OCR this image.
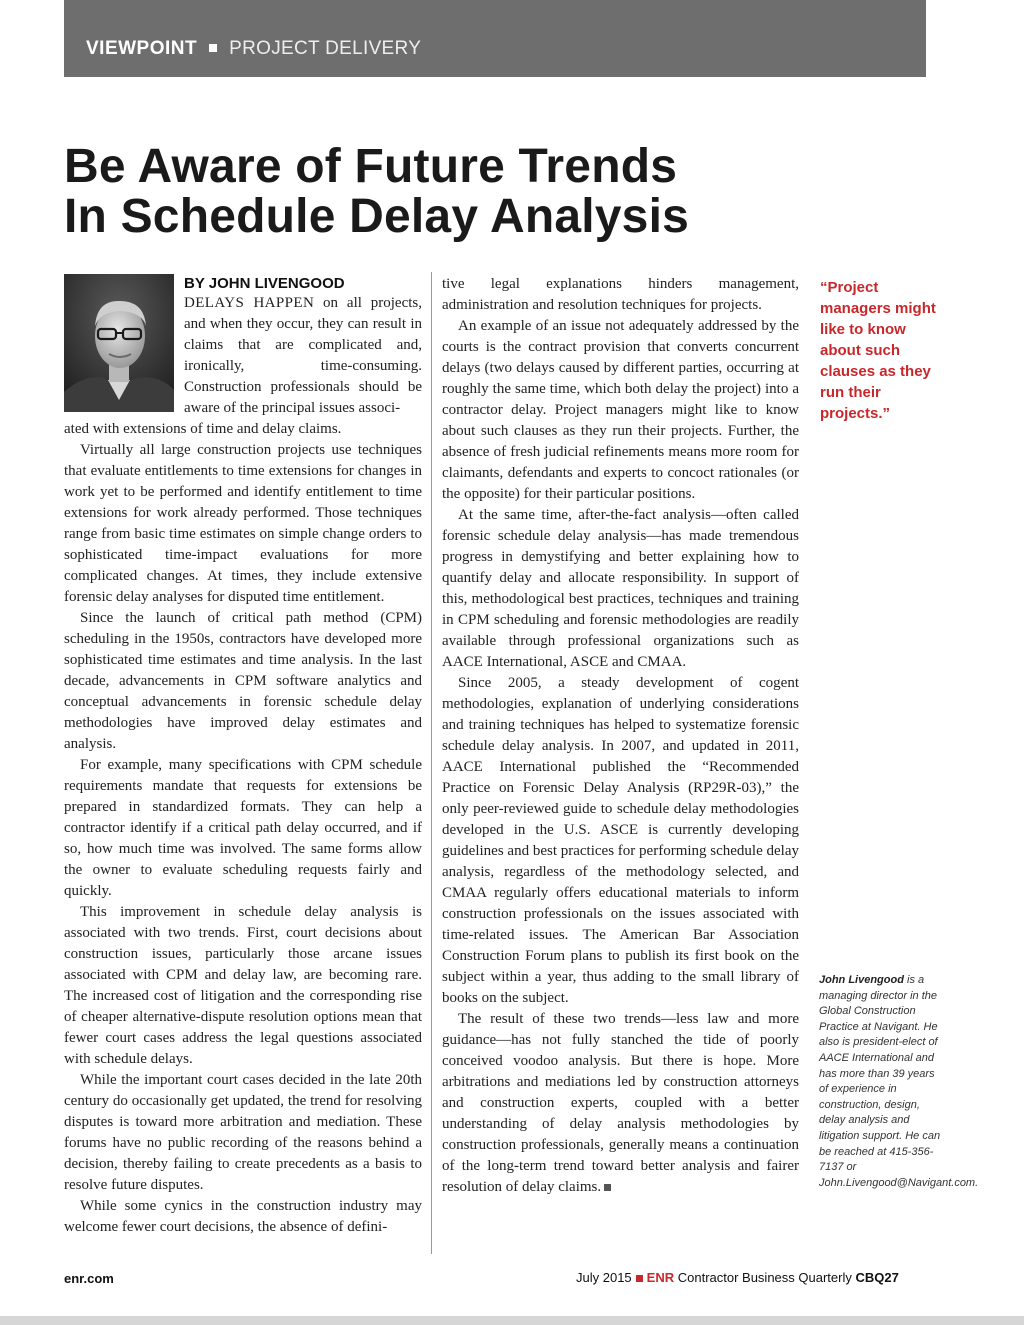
VIEWPOINT PROJECT DELIVERY
Be Aware of Future Trends
In Schedule Delay Analysis
BY JOHN LIVENGOOD

DELAYS HAPPEN on all projects, and when they occur, they can result in claims that are complicated and, ironically, time-consuming. Construction professionals should be aware of the principal issues associ-

ated with extensions of time and delay claims.

Virtually all large construction projects use techniques that evaluate entitlements to time extensions for changes in work yet to be performed and identify entitlement to time extensions for work already performed. Those techniques range from basic time estimates on simple change orders to sophisticated time-impact evaluations for more complicated changes. At times, they include extensive forensic delay analyses for disputed time entitlement.

Since the launch of critical path method (CPM) scheduling in the 1950s, contractors have developed more sophisticated time estimates and time analysis. In the last decade, advancements in CPM software analytics and conceptual advancements in forensic schedule delay methodologies have improved delay estimates and analysis.

For example, many specifications with CPM schedule requirements mandate that requests for extensions be prepared in standardized formats. They can help a contractor identify if a critical path delay occurred, and if so, how much time was involved. The same forms allow the owner to evaluate scheduling requests fairly and quickly.

This improvement in schedule delay analysis is associated with two trends. First, court decisions about construction issues, particularly those arcane issues associated with CPM and delay law, are becoming rare. The increased cost of litigation and the corresponding rise of cheaper alternative-dispute resolution options mean that fewer court cases address the legal questions associated with schedule delays.

While the important court cases decided in the late 20th century do occasionally get updated, the trend for resolving disputes is toward more arbitration and mediation. These forums have no public recording of the reasons behind a decision, thereby failing to create precedents as a basis to resolve future disputes.

While some cynics in the construction industry may welcome fewer court decisions, the absence of defini-

tive legal explanations hinders management, administration and resolution techniques for projects.

An example of an issue not adequately addressed by the courts is the contract provision that converts concurrent delays (two delays caused by different parties, occurring at roughly the same time, which both delay the project) into a contractor delay. Project managers might like to know about such clauses as they run their projects. Further, the absence of fresh judicial refinements means more room for claimants, defendants and experts to concoct rationales (or the opposite) for their particular positions.

At the same time, after-the-fact analysis—often called forensic schedule delay analysis—has made tremendous progress in demystifying and better explaining how to quantify delay and allocate responsibility. In support of this, methodological best practices, techniques and training in CPM scheduling and forensic methodologies are readily available through professional organizations such as AACE International, ASCE and CMAA.

Since 2005, a steady development of cogent methodologies, explanation of underlying considerations and training techniques has helped to systematize forensic schedule delay analysis. In 2007, and updated in 2011, AACE International published the “Recommended Practice on Forensic Delay Analysis (RP29R-03),” the only peer-reviewed guide to schedule delay methodologies developed in the U.S. ASCE is currently developing guidelines and best practices for performing schedule delay analysis, regardless of the methodology selected, and CMAA regularly offers educational materials to inform construction professionals on the issues associated with time-related issues. The American Bar Association Construction Forum plans to publish its first book on the subject within a year, thus adding to the small library of books on the subject.

The result of these two trends—less law and more guidance—has not fully stanched the tide of poorly conceived voodoo analysis. But there is hope. More arbitrations and mediations led by construction attorneys and construction experts, coupled with a better understanding of delay analysis methodologies by construction professionals, generally means a continuation of the long-term trend toward better analysis and fairer resolution of delay claims.

“Project managers might like to know about such clauses as they run their projects.”
John Livengood is a managing director in the Global Construction Practice at Navigant. He also is president-elect of AACE International and has more than 39 years of experience in construction, design, delay analysis and litigation support. He can be reached at 415-356-7137 or John.Livengood@Navigant.com.
enr.com	July 2015 ENR Contractor Business Quarterly CBQ27
